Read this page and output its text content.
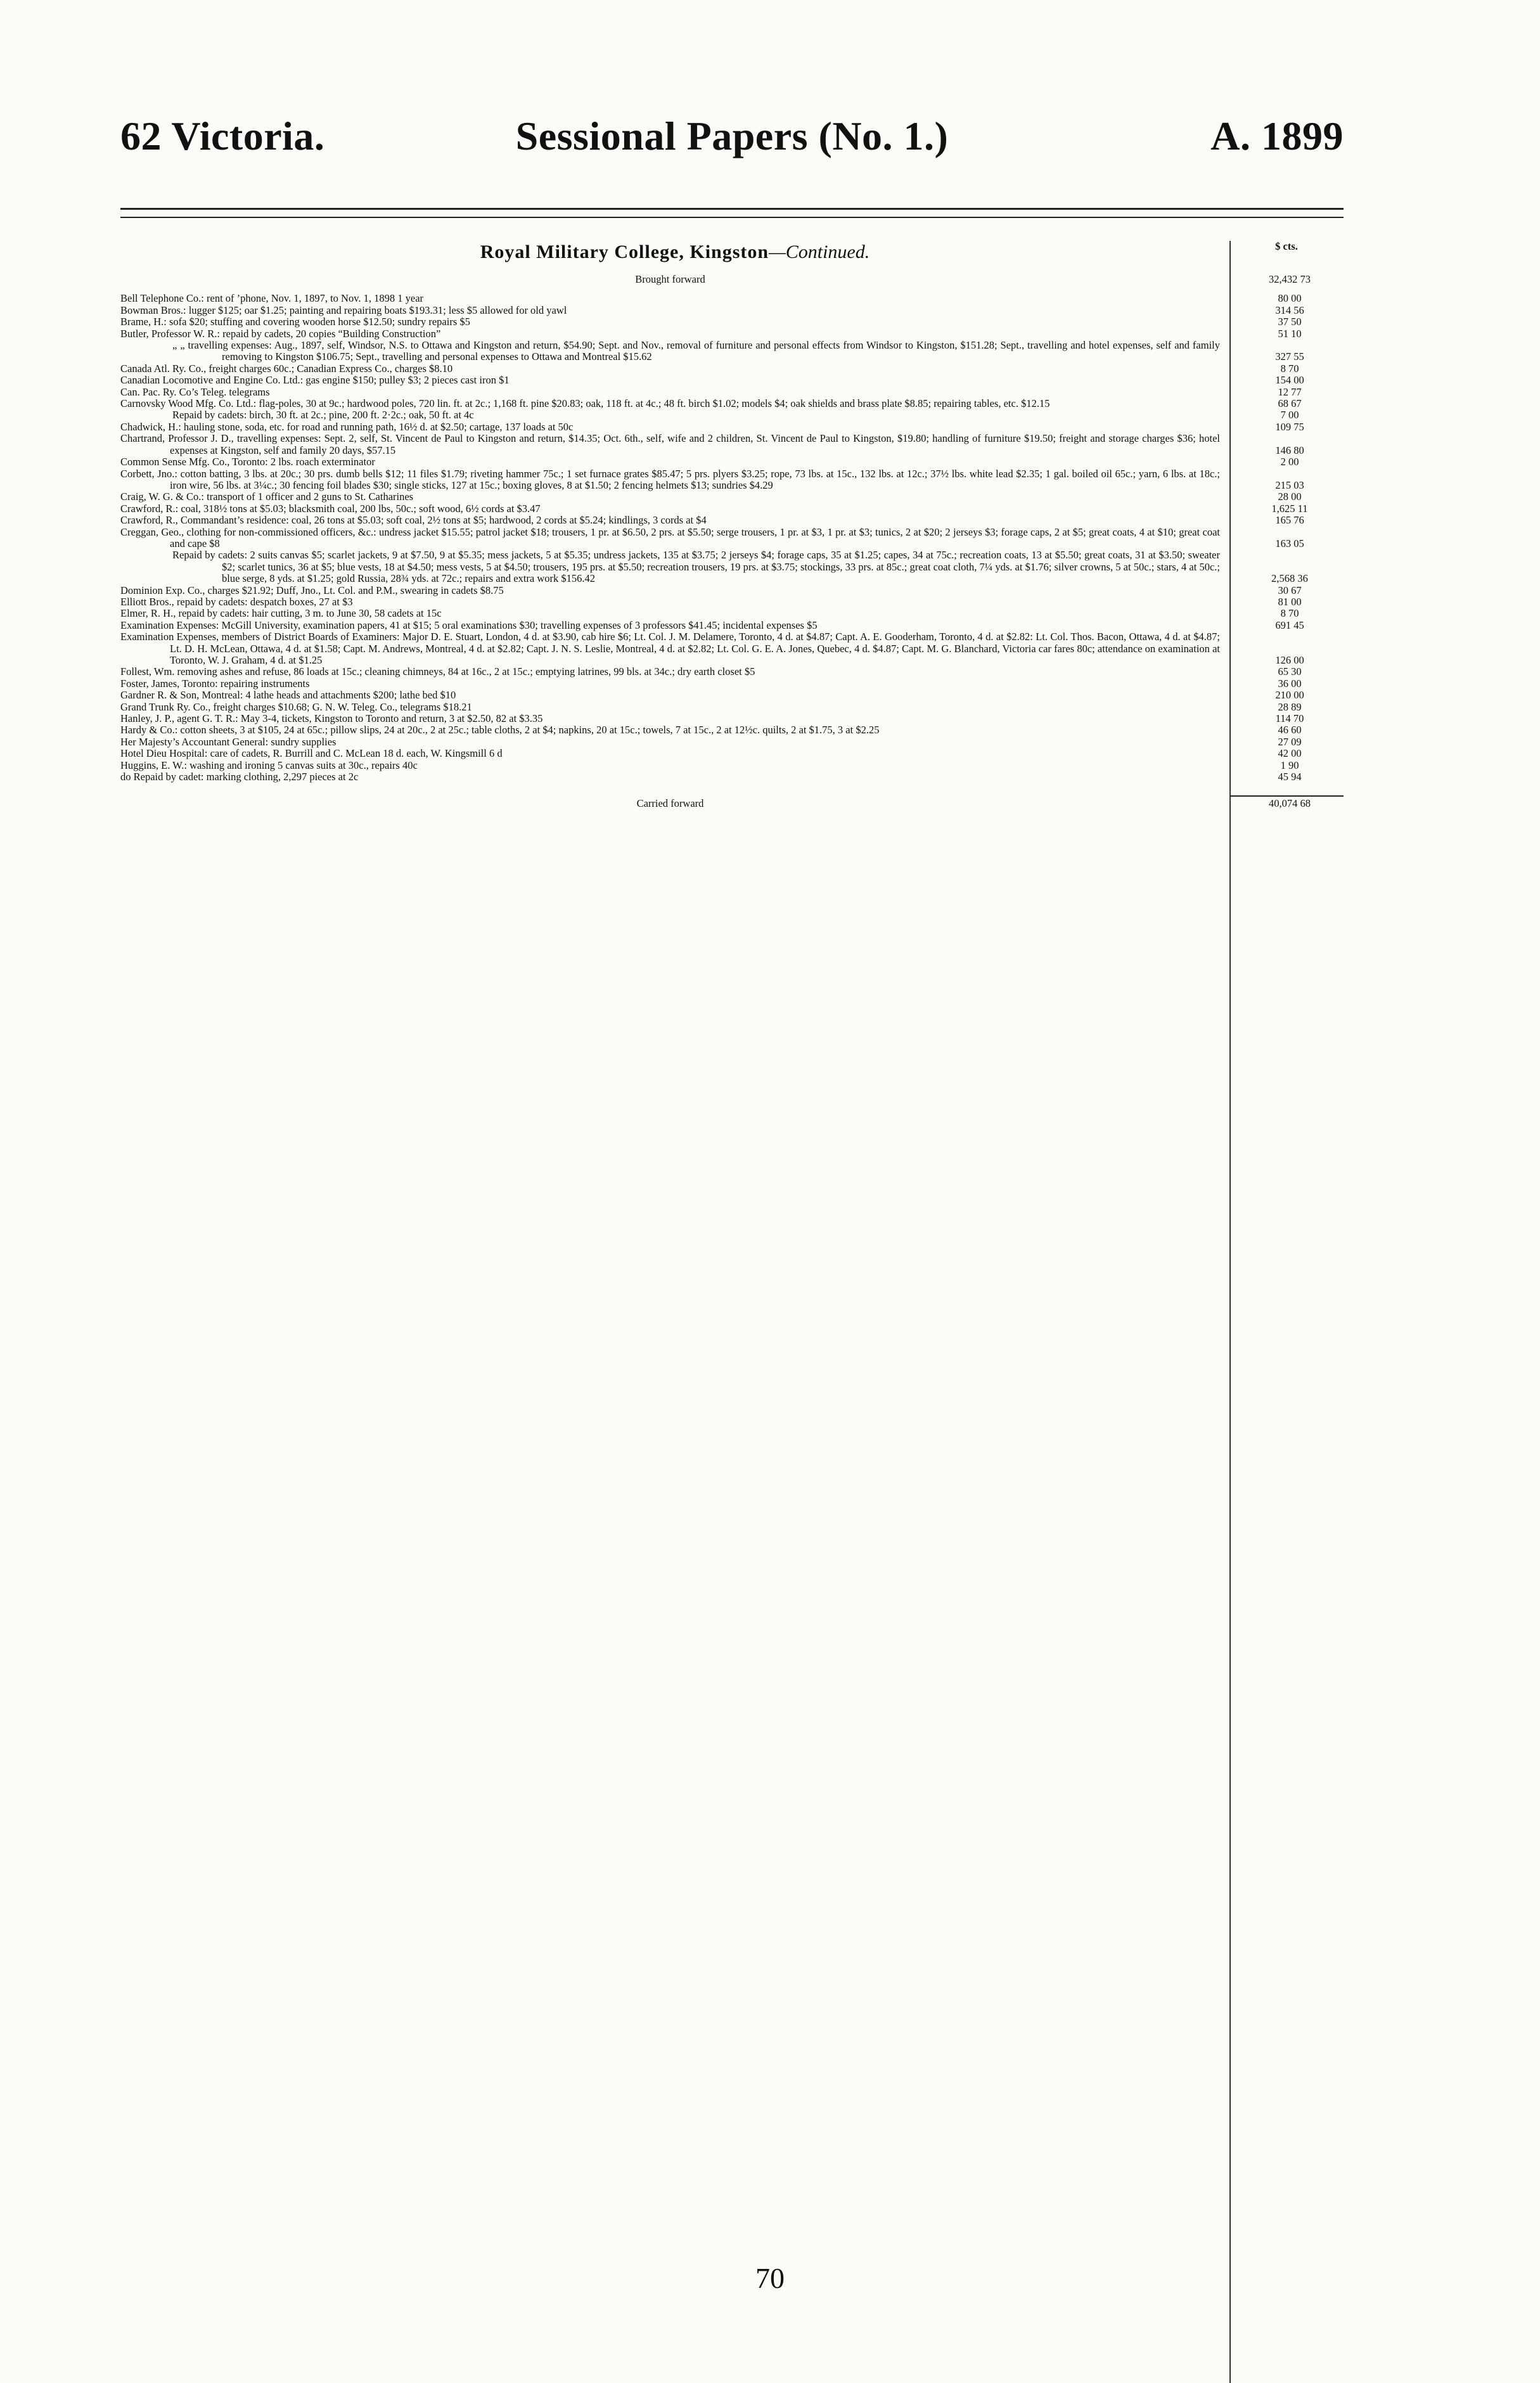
62 Victoria.	Sessional Papers (No. 1.)	A. 1899
Royal Military College, Kingston—Continued.	$ cts.
Brought forward	32,432 73
Bell Telephone Co.: rent of ’phone, Nov. 1, 1897, to Nov. 1, 1898 1 year	80 00
Bowman Bros.: lugger $125; oar $1.25; painting and repairing boats $193.31; less $5 allowed for old yawl	314 56
Brame, H.: sofa $20; stuffing and covering wooden horse $12.50; sundry repairs $5	37 50
Butler, Professor W. R.: repaid by cadets, 20 copies “Building Construction”	51 10
„ „ travelling expenses: Aug., 1897, self, Windsor, N.S. to Ottawa and Kingston and return, $54.90; Sept. and Nov., removal of furniture and personal effects from Windsor to Kingston, $151.28; Sept., travelling and hotel expenses, self and family removing to Kingston $106.75; Sept., travelling and personal expenses to Ottawa and Montreal $15.62	327 55
Canada Atl. Ry. Co., freight charges 60c.; Canadian Express Co., charges $8.10	8 70
Canadian Locomotive and Engine Co. Ltd.: gas engine $150; pulley $3; 2 pieces cast iron $1	154 00
Can. Pac. Ry. Co’s Teleg. telegrams	12 77
Carnovsky Wood Mfg. Co. Ltd.: flag-poles, 30 at 9c.; hardwood poles, 720 lin. ft. at 2c.; 1,168 ft. pine $20.83; oak, 118 ft. at 4c.; 48 ft. birch $1.02; models $4; oak shields and brass plate $8.85; repairing tables, etc. $12.15	68 67
Repaid by cadets: birch, 30 ft. at 2c.; pine, 200 ft. 2·2c.; oak, 50 ft. at 4c	7 00
Chadwick, H.: hauling stone, soda, etc. for road and running path, 16½ d. at $2.50; cartage, 137 loads at 50c	109 75
Chartrand, Professor J. D., travelling expenses: Sept. 2, self, St. Vincent de Paul to Kingston and return, $14.35; Oct. 6th., self, wife and 2 children, St. Vincent de Paul to Kingston, $19.80; handling of furniture $19.50; freight and storage charges $36; hotel expenses at Kingston, self and family 20 days, $57.15	146 80
Common Sense Mfg. Co., Toronto: 2 lbs. roach exterminator	2 00
Corbett, Jno.: cotton batting, 3 lbs. at 20c.; 30 prs. dumb bells $12; 11 files $1.79; riveting hammer 75c.; 1 set furnace grates $85.47; 5 prs. plyers $3.25; rope, 73 lbs. at 15c., 132 lbs. at 12c.; 37½ lbs. white lead $2.35; 1 gal. boiled oil 65c.; yarn, 6 lbs. at 18c.; iron wire, 56 lbs. at 3¼c.; 30 fencing foil blades $30; single sticks, 127 at 15c.; boxing gloves, 8 at $1.50; 2 fencing helmets $13; sundries $4.29	215 03
Craig, W. G. & Co.: transport of 1 officer and 2 guns to St. Catharines	28 00
Crawford, R.: coal, 318½ tons at $5.03; blacksmith coal, 200 lbs, 50c.; soft wood, 6½ cords at $3.47	1,625 11
Crawford, R., Commandant’s residence: coal, 26 tons at $5.03; soft coal, 2½ tons at $5; hardwood, 2 cords at $5.24; kindlings, 3 cords at $4	165 76
Creggan, Geo., clothing for non-commissioned officers, &c.: undress jacket $15.55; patrol jacket $18; trousers, 1 pr. at $6.50, 2 prs. at $5.50; serge trousers, 1 pr. at $3, 1 pr. at $3; tunics, 2 at $20; 2 jerseys $3; forage caps, 2 at $5; great coats, 4 at $10; great coat and cape $8	163 05
Repaid by cadets: 2 suits canvas $5; scarlet jackets, 9 at $7.50, 9 at $5.35; mess jackets, 5 at $5.35; undress jackets, 135 at $3.75; 2 jerseys $4; forage caps, 35 at $1.25; capes, 34 at 75c.; recreation coats, 13 at $5.50; great coats, 31 at $3.50; sweater $2; scarlet tunics, 36 at $5; blue vests, 18 at $4.50; mess vests, 5 at $4.50; trousers, 195 prs. at $5.50; recreation trousers, 19 prs. at $3.75; stockings, 33 prs. at 85c.; great coat cloth, 7¼ yds. at $1.76; silver crowns, 5 at 50c.; stars, 4 at 50c.; blue serge, 8 yds. at $1.25; gold Russia, 28¾ yds. at 72c.; repairs and extra work $156.42	2,568 36
Dominion Exp. Co., charges $21.92; Duff, Jno., Lt. Col. and P.M., swearing in cadets $8.75	30 67
Elliott Bros., repaid by cadets: despatch boxes, 27 at $3	81 00
Elmer, R. H., repaid by cadets: hair cutting, 3 m. to June 30, 58 cadets at 15c	8 70
Examination Expenses: McGill University, examination papers, 41 at $15; 5 oral examinations $30; travelling expenses of 3 professors $41.45; incidental expenses $5	691 45
Examination Expenses, members of District Boards of Examiners: Major D. E. Stuart, London, 4 d. at $3.90, cab hire $6; Lt. Col. J. M. Delamere, Toronto, 4 d. at $4.87; Capt. A. E. Gooderham, Toronto, 4 d. at $2.82: Lt. Col. Thos. Bacon, Ottawa, 4 d. at $4.87; Lt. D. H. McLean, Ottawa, 4 d. at $1.58; Capt. M. Andrews, Montreal, 4 d. at $2.82; Capt. J. N. S. Leslie, Montreal, 4 d. at $2.82; Lt. Col. G. E. A. Jones, Quebec, 4 d. $4.87; Capt. M. G. Blanchard, Victoria car fares 80c; attendance on examination at Toronto, W. J. Graham, 4 d. at $1.25	126 00
Follest, Wm. removing ashes and refuse, 86 loads at 15c.; cleaning chimneys, 84 at 16c., 2 at 15c.; emptying latrines, 99 bls. at 34c.; dry earth closet $5	65 30
Foster, James, Toronto: repairing instruments	36 00
Gardner R. & Son, Montreal: 4 lathe heads and attachments $200; lathe bed $10	210 00
Grand Trunk Ry. Co., freight charges $10.68; G. N. W. Teleg. Co., telegrams $18.21	28 89
Hanley, J. P., agent G. T. R.: May 3-4, tickets, Kingston to Toronto and return, 3 at $2.50, 82 at $3.35	114 70
Hardy & Co.: cotton sheets, 3 at $105, 24 at 65c.; pillow slips, 24 at 20c., 2 at 25c.; table cloths, 2 at $4; napkins, 20 at 15c.; towels, 7 at 15c., 2 at 12½c. quilts, 2 at $1.75, 3 at $2.25	46 60
Her Majesty’s Accountant General: sundry supplies	27 09
Hotel Dieu Hospital: care of cadets, R. Burrill and C. McLean 18 d. each, W. Kingsmill 6 d	42 00
Huggins, E. W.: washing and ironing 5 canvas suits at 30c., repairs 40c	1 90
do Repaid by cadet: marking clothing, 2,297 pieces at 2c	45 94
Carried forward	40,074 68
70
